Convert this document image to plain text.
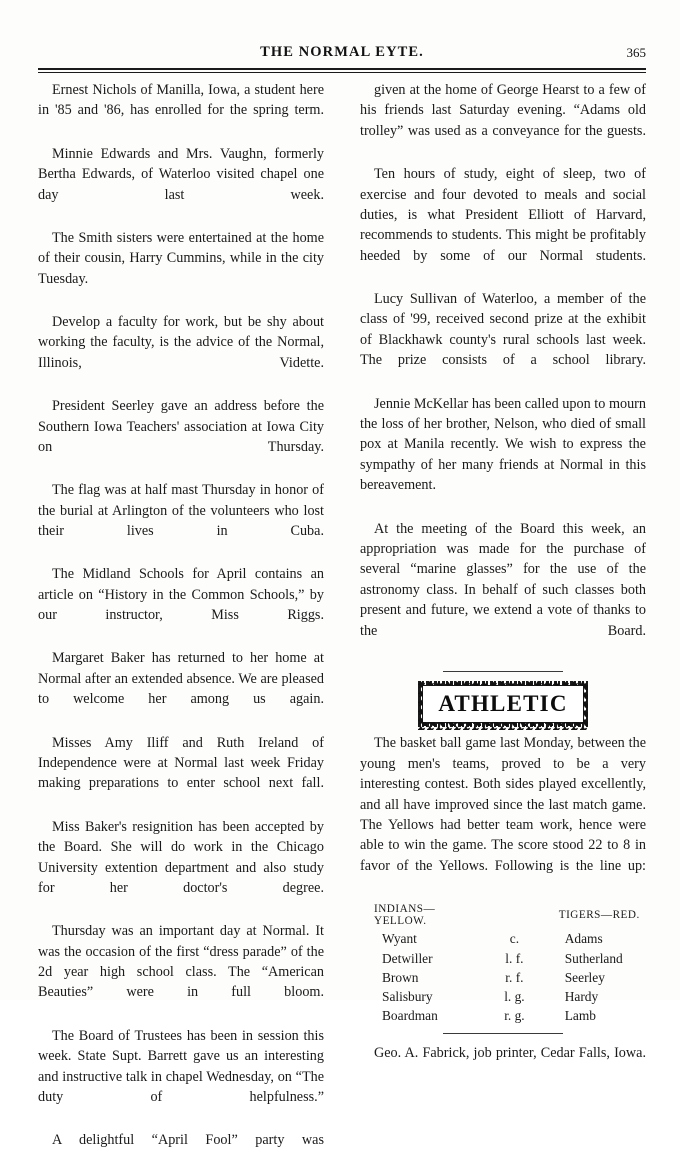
THE NORMAL EYTE.	365

Ernest Nichols of Manilla, Iowa, a student here in '85 and '86, has enrolled for the spring term.

Minnie Edwards and Mrs. Vaughn, formerly Bertha Edwards, of Waterloo visited chapel one day last week.

The Smith sisters were entertained at the home of their cousin, Harry Cummins, while in the city Tuesday.

Develop a faculty for work, but be shy about working the faculty, is the advice of the Normal, Illinois, Vidette.

President Seerley gave an address before the Southern Iowa Teachers' association at Iowa City on Thursday.

The flag was at half mast Thursday in honor of the burial at Arlington of the volunteers who lost their lives in Cuba.

The Midland Schools for April contains an article on “History in the Common Schools,” by our instructor, Miss Riggs.

Margaret Baker has returned to her home at Normal after an extended absence. We are pleased to welcome her among us again.

Misses Amy Iliff and Ruth Ireland of Independence were at Normal last week Friday making preparations to enter school next fall.

Miss Baker's resignition has been accepted by the Board. She will do work in the Chicago University extention department and also study for her doctor's degree.

Thursday was an important day at Normal. It was the occasion of the first “dress parade” of the 2d year high school class. The “American Beauties” were in full bloom.

The Board of Trustees has been in session this week. State Supt. Barrett gave us an interesting and instructive talk in chapel Wednesday, on “The duty of helpfulness.”

A delightful “April Fool” party was

given at the home of George Hearst to a few of his friends last Saturday evening. “Adams old trolley” was used as a conveyance for the guests.

Ten hours of study, eight of sleep, two of exercise and four devoted to meals and social duties, is what President Elliott of Harvard, recommends to students. This might be profitably heeded by some of our Normal students.

Lucy Sullivan of Waterloo, a member of the class of '99, received second prize at the exhibit of Blackhawk county's rural schools last week. The prize consists of a school library.

Jennie McKellar has been called upon to mourn the loss of her brother, Nelson, who died of small pox at Manila recently. We wish to express the sympathy of her many friends at Normal in this bereavement.

At the meeting of the Board this week, an appropriation was made for the purchase of several “marine glasses” for the use of the astronomy class. In behalf of such classes both present and future, we extend a vote of thanks to the Board.

ATHLETIC

The basket ball game last Monday, between the young men's teams, proved to be a very interesting contest. Both sides played excellently, and all have improved since the last match game. The Yellows had better team work, hence were able to win the game. The score stood 22 to 8 in favor of the Yellows. Following is the line up:

INDIANS—YELLOW.		TIGERS—RED.
Wyant	c.	Adams
Detwiller	l. f.	Sutherland
Brown	r. f.	Seerley
Salisbury	l. g.	Hardy
Boardman	r. g.	Lamb

Geo. A. Fabrick, job printer, Cedar Falls, Iowa.
